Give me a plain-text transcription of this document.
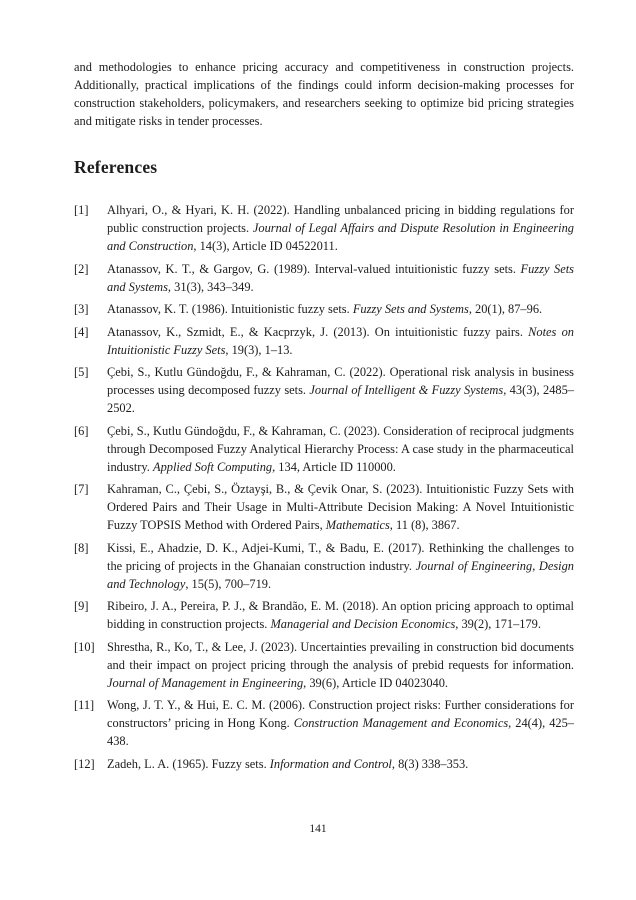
and methodologies to enhance pricing accuracy and competitiveness in construction projects. Additionally, practical implications of the findings could inform decision-making processes for construction stakeholders, policymakers, and researchers seeking to optimize bid pricing strategies and mitigate risks in tender processes.

References
[1]	Alhyari, O., & Hyari, K. H. (2022). Handling unbalanced pricing in bidding regulations for public construction projects. Journal of Legal Affairs and Dispute Resolution in Engineering and Construction, 14(3), Article ID 04522011.
[2]	Atanassov, K. T., & Gargov, G. (1989). Interval-valued intuitionistic fuzzy sets. Fuzzy Sets and Systems, 31(3), 343–349.
[3]	Atanassov, K. T. (1986). Intuitionistic fuzzy sets. Fuzzy Sets and Systems, 20(1), 87–96.
[4]	Atanassov, K., Szmidt, E., & Kacprzyk, J. (2013). On intuitionistic fuzzy pairs. Notes on Intuitionistic Fuzzy Sets, 19(3), 1–13.
[5]	Çebi, S., Kutlu Gündoğdu, F., & Kahraman, C. (2022). Operational risk analysis in business processes using decomposed fuzzy sets. Journal of Intelligent & Fuzzy Systems, 43(3), 2485–2502.
[6]	Çebi, S., Kutlu Gündoğdu, F., & Kahraman, C. (2023). Consideration of reciprocal judgments through Decomposed Fuzzy Analytical Hierarchy Process: A case study in the pharmaceutical industry. Applied Soft Computing, 134, Article ID 110000.
[7]	Kahraman, C., Çebi, S., Öztayşi, B., & Çevik Onar, S. (2023). Intuitionistic Fuzzy Sets with Ordered Pairs and Their Usage in Multi-Attribute Decision Making: A Novel Intuitionistic Fuzzy TOPSIS Method with Ordered Pairs, Mathematics, 11 (8), 3867.
[8]	Kissi, E., Ahadzie, D. K., Adjei-Kumi, T., & Badu, E. (2017). Rethinking the challenges to the pricing of projects in the Ghanaian construction industry. Journal of Engineering, Design and Technology, 15(5), 700–719.
[9]	Ribeiro, J. A., Pereira, P. J., & Brandão, E. M. (2018). An option pricing approach to optimal bidding in construction projects. Managerial and Decision Economics, 39(2), 171–179.
[10] Shrestha, R., Ko, T., & Lee, J. (2023). Uncertainties prevailing in construction bid documents and their impact on project pricing through the analysis of prebid requests for information. Journal of Management in Engineering, 39(6), Article ID 04023040.
[11]	Wong, J. T. Y., & Hui, E. C. M. (2006). Construction project risks: Further considerations for constructors’ pricing in Hong Kong. Construction Management and Economics, 24(4), 425–438.
[12] Zadeh, L. A. (1965). Fuzzy sets. Information and Control, 8(3) 338–353.
141
